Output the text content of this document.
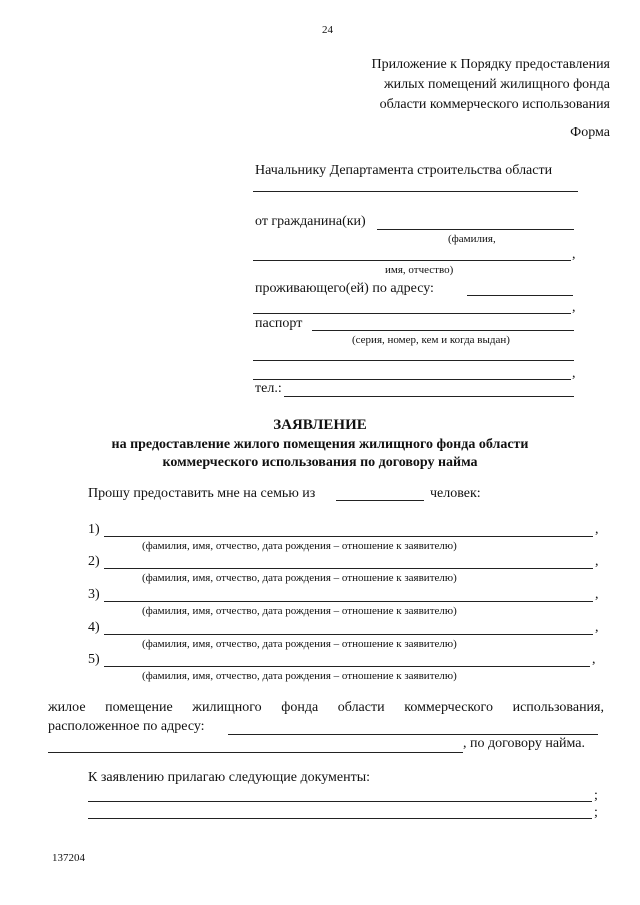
24
Приложение к Порядку предоставления
жилых помещений жилищного фонда
области коммерческого использования
Форма
Начальнику Департамента строительства области
от гражданина(ки)
(фамилия,
,
имя, отчество)
проживающего(ей) по адресу:
,
паспорт
(серия, номер, кем и когда выдан)
,
тел.:
ЗАЯВЛЕНИЕ
на предоставление жилого помещения жилищного фонда области
коммерческого использования по договору найма
Прошу предоставить мне на семью из	человек:
1)	,
(фамилия, имя, отчество, дата рождения – отношение к заявителю)
2)	,
(фамилия, имя, отчество, дата рождения – отношение к заявителю)
3)	,
(фамилия, имя, отчество, дата рождения – отношение к заявителю)
4)	,
(фамилия, имя, отчество, дата рождения – отношение к заявителю)
5)	,
(фамилия, имя, отчество, дата рождения – отношение к заявителю)
жилое помещение жилищного фонда области коммерческого использования,
расположенное по адресу:
, по договору найма.
К заявлению прилагаю следующие документы:
;
;
137204
